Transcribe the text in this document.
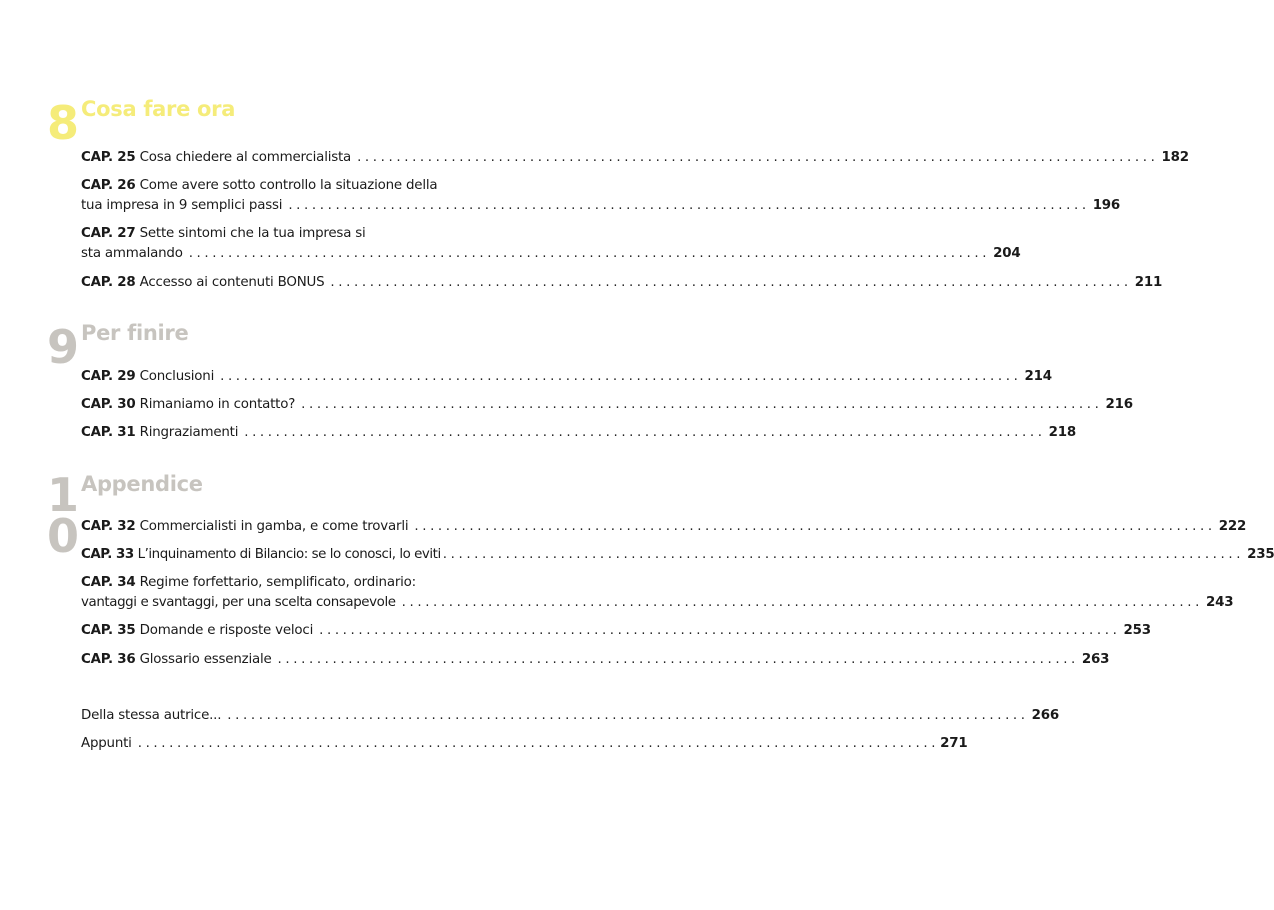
8 Cosa fare ora
CAP. 25 Cosa chiedere al commercialista ...................................................................................................... 182
CAP. 26 Come avere sotto controllo la situazione della
tua impresa in 9 semplici passi ...................................................................................................... 196
CAP. 27 Sette sintomi che la tua impresa si
sta ammalando ...................................................................................................... 204
CAP. 28 Accesso ai contenuti BONUS ...................................................................................................... 211
9 Per finire
CAP. 29 Conclusioni ...................................................................................................... 214
CAP. 30 Rimaniamo in contatto? ...................................................................................................... 216
CAP. 31 Ringraziamenti ...................................................................................................... 218
1
0
Appendice
CAP. 32 Commercialisti in gamba, e come trovarli ...................................................................................................... 222
CAP. 33 L’inquinamento di Bilancio: se lo conosci, lo eviti ...................................................................................................... 235
CAP. 34 Regime forfettario, semplificato, ordinario:
vantaggi e svantaggi, per una scelta consapevole ...................................................................................................... 243
CAP. 35 Domande e risposte veloci ...................................................................................................... 253
CAP. 36 Glossario essenziale ...................................................................................................... 263
Della stessa autrice... ...................................................................................................... 266
Appunti ...................................................................................................... 271
